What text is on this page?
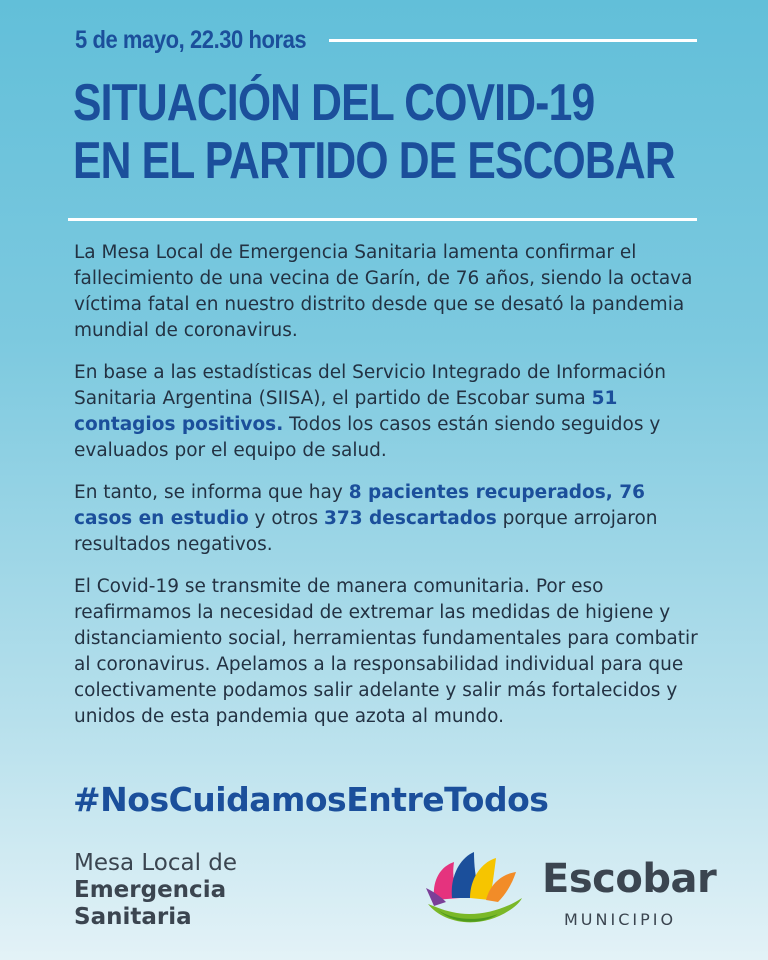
5 de mayo, 22.30 horas
SITUACIÓN DEL COVID-19
EN EL PARTIDO DE ESCOBAR

La Mesa Local de Emergencia Sanitaria lamenta confirmar el fallecimiento de una vecina de Garín, de 76 años, siendo la octava víctima fatal en nuestro distrito desde que se desató la pandemia mundial de coronavirus.

En base a las estadísticas del Servicio Integrado de Información Sanitaria Argentina (SIISA), el partido de Escobar suma 51 contagios positivos. Todos los casos están siendo seguidos y evaluados por el equipo de salud.

En tanto, se informa que hay 8 pacientes recuperados, 76 casos en estudio y otros 373 descartados porque arrojaron resultados negativos.

El Covid-19 se transmite de manera comunitaria. Por eso reafirmamos la necesidad de extremar las medidas de higiene y distanciamiento social, herramientas fundamentales para combatir al coronavirus. Apelamos a la responsabilidad individual para que colectivamente podamos salir adelante y salir más fortalecidos y unidos de esta pandemia que azota al mundo.

#NosCuidamosEntreTodos
Mesa Local de
Emergencia
Sanitaria
Escobar
MUNICIPIO
